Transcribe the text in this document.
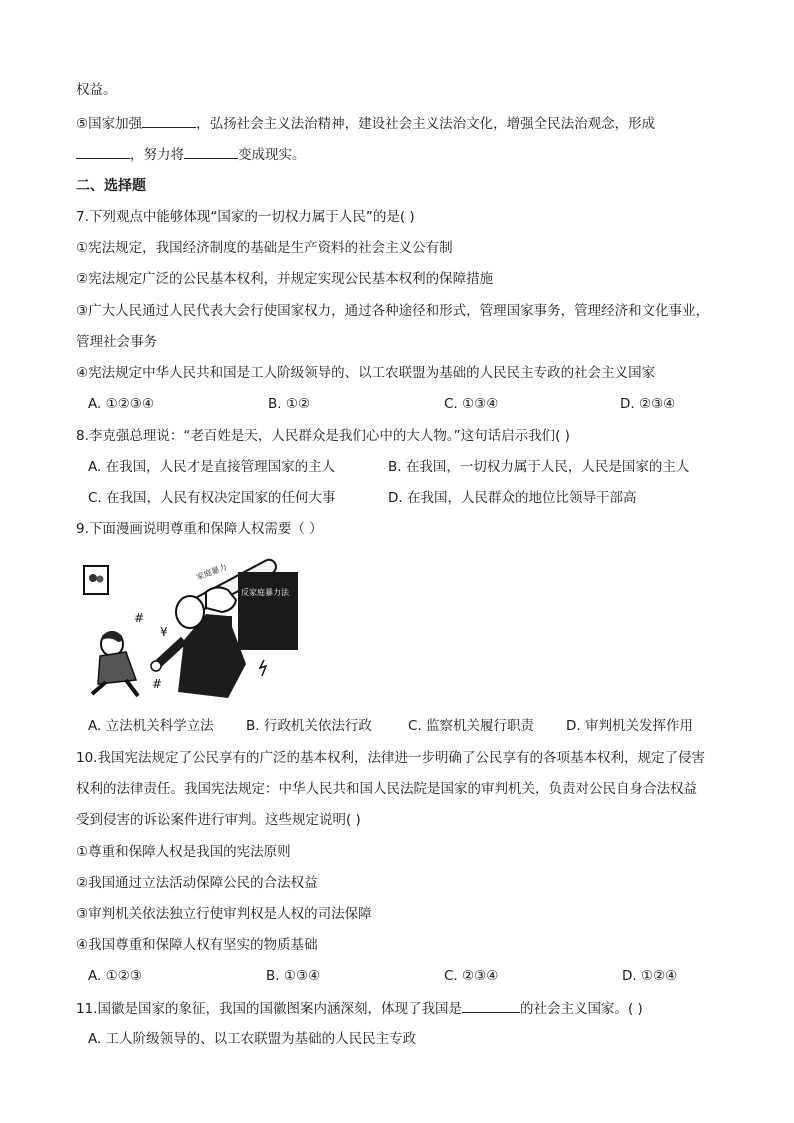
权益。
⑤国家加强	，弘扬社会主义法治精神，建设社会主义法治文化，增强全民法治观念，形成
，努力将	变成现实。
二、选择题
7.下列观点中能够体现“国家的一切权力属于人民”的是( )
①宪法规定，我国经济制度的基础是生产资料的社会主义公有制
②宪法规定广泛的公民基本权利，并规定实现公民基本权利的保障措施
③广大人民通过人民代表大会行使国家权力，通过各种途径和形式，管理国家事务，管理经济和文化事业，
管理社会事务
④宪法规定中华人民共和国是工人阶级领导的、以工农联盟为基础的人民民主专政的社会主义国家
A. ①②③④	B. ①②	C. ①③④	D. ②③④
8.李克强总理说：“老百姓是天，人民群众是我们心中的大人物。”这句话启示我们( )
A. 在我国，人民才是直接管理国家的主人	B. 在我国，一切权力属于人民，人民是国家的主人
C. 在我国，人民有权决定国家的任何大事	D. 在我国，人民群众的地位比领导干部高
9.下面漫画说明尊重和保障人权需要（ ）
家庭暴力
反家庭暴力法
#
¥
#
A. 立法机关科学立法 B. 行政机关依法行政	C. 监察机关履行职责 D. 审判机关发挥作用
10.我国宪法规定了公民享有的广泛的基本权利，法律进一步明确了公民享有的各项基本权利，规定了侵害
权利的法律责任。我国宪法规定：中华人民共和国人民法院是国家的审判机关，负责对公民自身合法权益
受到侵害的诉讼案件进行审判。这些规定说明( )
①尊重和保障人权是我国的宪法原则
②我国通过立法活动保障公民的合法权益
③审判机关依法独立行使审判权是人权的司法保障
④我国尊重和保障人权有坚实的物质基础
A. ①②③	B. ①③④	C. ②③④	D. ①②④
11.国徽是国家的象征，我国的国徽图案内涵深刻，体现了我国是	的社会主义国家。( )
A. 工人阶级领导的、以工农联盟为基础的人民民主专政
